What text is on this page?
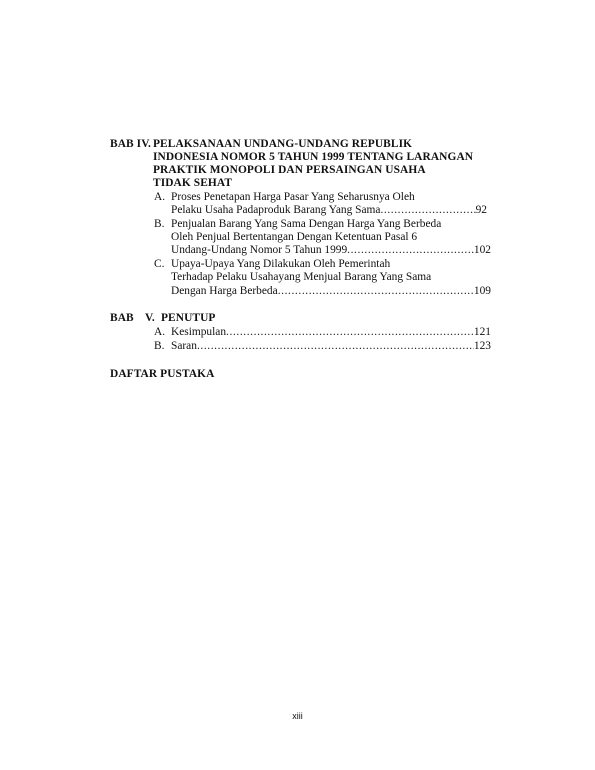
BAB IV. PELAKSANAAN UNDANG-UNDANG REPUBLIK
INDONESIA NOMOR 5 TAHUN 1999 TENTANG LARANGAN
PRAKTIK MONOPOLI DAN PERSAINGAN USAHA
TIDAK SEHAT
A. Proses Penetapan Harga Pasar Yang Seharusnya Oleh
Pelaku Usaha Padaproduk Barang Yang Sama .....	92
B. Penjualan Barang Yang Sama Dengan Harga Yang Berbeda
Oleh Penjual Bertentangan Dengan Ketentuan Pasal 6
Undang-Undang Nomor 5 Tahun 1999 .....	102
C. Upaya-Upaya Yang Dilakukan Oleh Pemerintah
Terhadap Pelaku Usahayang Menjual Barang Yang Sama
Dengan Harga Berbeda .....	109
BAB V. PENUTUP
A. Kesimpulan .....	121
B. Saran .....	123
DAFTAR PUSTAKA
xiii
